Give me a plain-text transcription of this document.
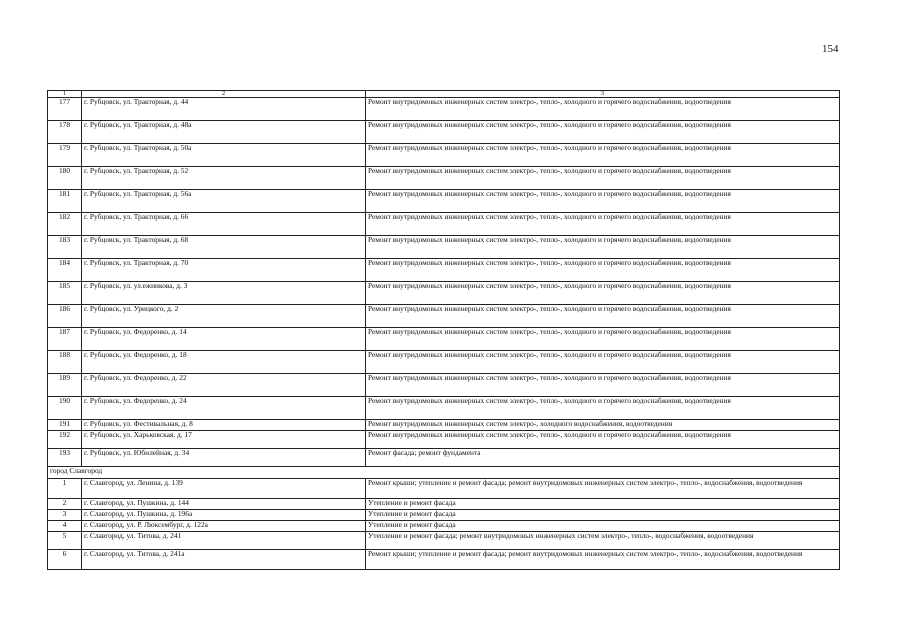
154
1	2	3
177	г. Рубцовск, ул. Тракторная, д. 44	Ремонт внутридомовых инженерных систем электро-, тепло-, холодного и горячего водоснабжения, водоотведения
178	г. Рубцовск, ул. Тракторная, д. 48а	Ремонт внутридомовых инженерных систем электро-, тепло-, холодного и горячего водоснабжения, водоотведения
179	г. Рубцовск, ул. Тракторная, д. 50а	Ремонт внутридомовых инженерных систем электро-, тепло-, холодного и горячего водоснабжения, водоотведения
180	г. Рубцовск, ул. Тракторная, д. 52	Ремонт внутридомовых инженерных систем электро-, тепло-, холодного и горячего водоснабжения, водоотведения
181	г. Рубцовск, ул. Тракторная, д. 56а	Ремонт внутридомовых инженерных систем электро-, тепло-, холодного и горячего водоснабжения, водоотведения
182	г. Рубцовск, ул. Тракторная, д. 66	Ремонт внутридомовых инженерных систем электро-, тепло-, холодного и горячего водоснабжения, водоотведения
183	г. Рубцовск, ул. Тракторная, д. 68	Ремонт внутридомовых инженерных систем электро-, тепло-, холодного и горячего водоснабжения, водоотведения
184	г. Рубцовск, ул. Тракторная, д. 70	Ремонт внутридомовых инженерных систем электро-, тепло-, холодного и горячего водоснабжения, водоотведения
185	г. Рубцовск, ул. ул.ежникова, д. 3	Ремонт внутридомовых инженерных систем электро-, тепло-, холодного и горячего водоснабжения, водоотведения
186	г. Рубцовск, ул. Урицкого, д. 2	Ремонт внутридомовых инженерных систем электро-, тепло-, холодного и горячего водоснабжения, водоотведения
187	г. Рубцовск, ул. Федоренко, д. 14	Ремонт внутридомовых инженерных систем электро-, тепло-, холодного и горячего водоснабжения, водоотведения
188	г. Рубцовск, ул. Федоренко, д. 18	Ремонт внутридомовых инженерных систем электро-, тепло-, холодного и горячего водоснабжения, водоотведения
189	г. Рубцовск, ул. Федоренко, д. 22	Ремонт внутридомовых инженерных систем электро-, тепло-, холодного и горячего водоснабжения, водоотведения
190	г. Рубцовск, ул. Федоренко, д. 24	Ремонт внутридомовых инженерных систем электро-, тепло-, холодного и горячего водоснабжения, водоотведения
191	г. Рубцовск, ул. Фестивальная, д. 8	Ремонт внутридомовых инженерных систем электро-, холодного водоснабжения, водоотведения
192	г. Рубцовск, ул. Харьковская, д. 17	Ремонт внутридомовых инженерных систем электро-, тепло-, холодного и горячего водоснабжения, водоотведения
193	г. Рубцовск, ул. Юбилейная, д. 34	Ремонт фасада; ремонт фундамента
город Славгород		
1	г. Славгород, ул. Ленина, д. 139	Ремонт крыши; утепление и ремонт фасада; ремонт внутридомовых инженерных систем электро-, тепло-, водоснабжения, водоотведения
2	г. Славгород, ул. Пушкина, д. 144	Утепление и ремонт фасада
3	г. Славгород, ул. Пушкина, д. 196а	Утепление и ремонт фасада
4	г. Славгород, ул. Р. Люксембург, д. 122а	Утепление и ремонт фасада
5	г. Славгород, ул. Титова, д. 241	Утепление и ремонт фасада; ремонт внутридомовых инженерных систем электро-, тепло-, водоснабжения, водоотведения
6	г. Славгород, ул. Титова, д. 241а	Ремонт крыши; утепление и ремонт фасада; ремонт внутридомовых инженерных систем электро-, тепло-, водоснабжения, водоотведения
